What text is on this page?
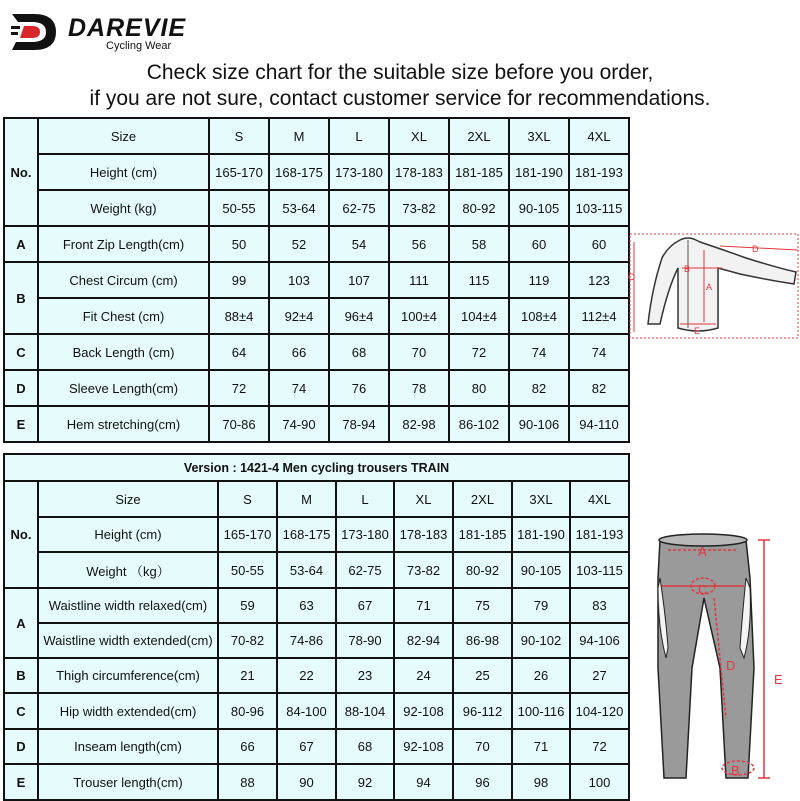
DAREVIE
Cycling Wear
Check size chart for the suitable size before you order,
if you are not sure, contact customer service for recommendations.
No.	Size	S	M	L	XL	2XL	3XL	4XL
	Height (cm)	165-170	168-175	173-180	178-183	181-185	181-190	181-193
	Weight (kg)	50-55	53-64	62-75	73-82	80-92	90-105	103-115
A	Front Zip Length(cm)	50	52	54	56	58	60	60
B	Chest Circum (cm)	99	103	107	111	115	119	123
	Fit Chest (cm)	88±4	92±4	96±4	100±4	104±4	108±4	112±4
C	Back Length (cm)	64	66	68	70	72	74	74
D	Sleeve Length(cm)	72	74	76	78	80	82	82
E	Hem stretching(cm)	70-86	74-90	78-94	82-98	86-102	90-106	94-110
D
B
A
C
E
Version : 1421-4 Men cycling trousers TRAIN								
No.	Size	S	M	L	XL	2XL	3XL	4XL
	Height (cm)	165-170	168-175	173-180	178-183	181-185	181-190	181-193
	Weight （kg）	50-55	53-64	62-75	73-82	80-92	90-105	103-115
A	Waistline width relaxed(cm)	59	63	67	71	75	79	83
	Waistline width extended(cm)	70-82	74-86	78-90	82-94	86-98	90-102	94-106
B	Thigh circumference(cm)	21	22	23	24	25	26	27
C	Hip width extended(cm)	80-96	84-100	88-104	92-108	96-112	100-116	104-120
D	Inseam length(cm)	66	67	68	92-108	70	71	72
E	Trouser length(cm)	88	90	92	94	96	98	100
A
C
D
E
B
